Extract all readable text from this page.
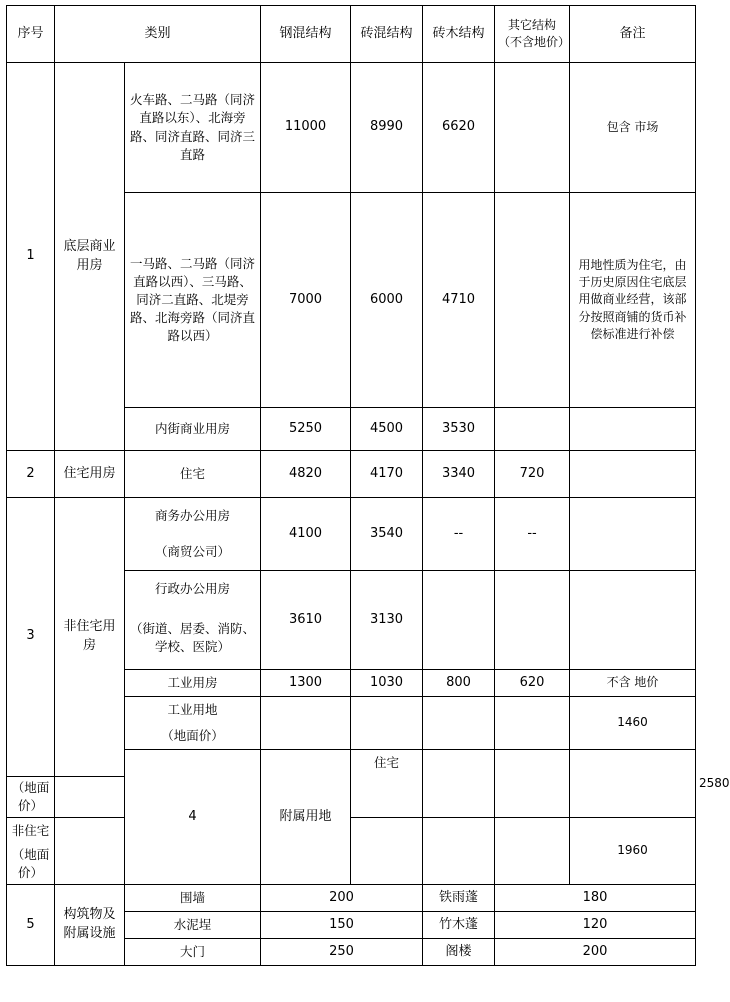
序号	类别		钢混结构	砖混结构	砖木结构	其它结构（不含地价）	备注	
1	底层商业用房	火车路、二马路（同济直路以东）、北海旁路、同济直路、同济三直路	11000	8990	6620		包含 市场	
		一马路、二马路（同济直路以西）、三马路、同济二直路、北堤旁路、北海旁路（同济直路以西）	7000	6000	4710		用地性质为住宅，由于历史原因住宅底层用做商业经营，该部分按照商铺的货币补偿标准进行补偿	
		内街商业用房	5250	4500	3530			
2	住宅用房	住宅	4820	4170	3340	720		
3	非住宅用房	商务办公用房	4100	3540	--	--		
		（商贸公司）						
		行政办公用房	3610	3130				
		（街道、居委、消防、学校、医院）						
		工业用房	1300	1030	800	620	不含 地价	
		工业用地					1460	
		（地面价）						
		4	附属用地	住宅					2580
（地面价）								
非住宅							1960	
（地面价）								
5	构筑物及附属设施	围墙	200		铁雨蓬	180		
		水泥埕	150		竹木蓬	120		
		大门	250		阁楼	200		
